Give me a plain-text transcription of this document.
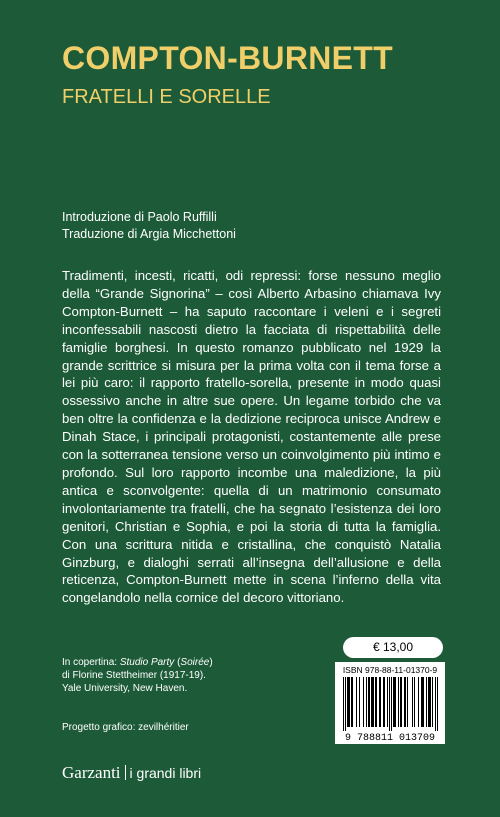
COMPTON-BURNETT
FRATELLI E SORELLE
Introduzione di Paolo Ruffilli
Traduzione di Argia Micchettoni
Tradimenti, incesti, ricatti, odi repressi: forse nessuno meglio della “Grande Signorina” – così Alberto Arbasino chiamava Ivy Compton-Burnett – ha saputo raccontare i veleni e i segreti inconfessabili nascosti dietro la facciata di rispettabilità delle famiglie borghesi. In questo romanzo pubblicato nel 1929 la grande scrittrice si misura per la prima volta con il tema forse a lei più caro: il rapporto fratello-sorella, presente in modo quasi ossessivo anche in altre sue opere. Un legame torbido che va ben oltre la confidenza e la dedizione reciproca unisce Andrew e Dinah Stace, i principali protagonisti, costantemente alle prese con la sotterranea tensione verso un coinvolgimento più intimo e profondo. Sul loro rapporto incombe una maledizione, la più antica e sconvolgente: quella di un matrimonio consumato involontariamente tra fratelli, che ha segnato l’esistenza dei loro genitori, Christian e Sophia, e poi la storia di tutta la famiglia. Con una scrittura nitida e cristallina, che conquistò Natalia Ginzburg, e dialoghi serrati all’insegna dell’allusione e della reticenza, Compton-Burnett mette in scena l’inferno della vita congelandolo nella cornice del decoro vittoriano.
In copertina: Studio Party (Soirée)
di Florine Stettheimer (1917-19).
Yale University, New Haven.
Progetto grafico: zevilhéritier
Garzanti i grandi libri
€ 13,00
ISBN 978-88-11-01370-9
9 788811 013709
